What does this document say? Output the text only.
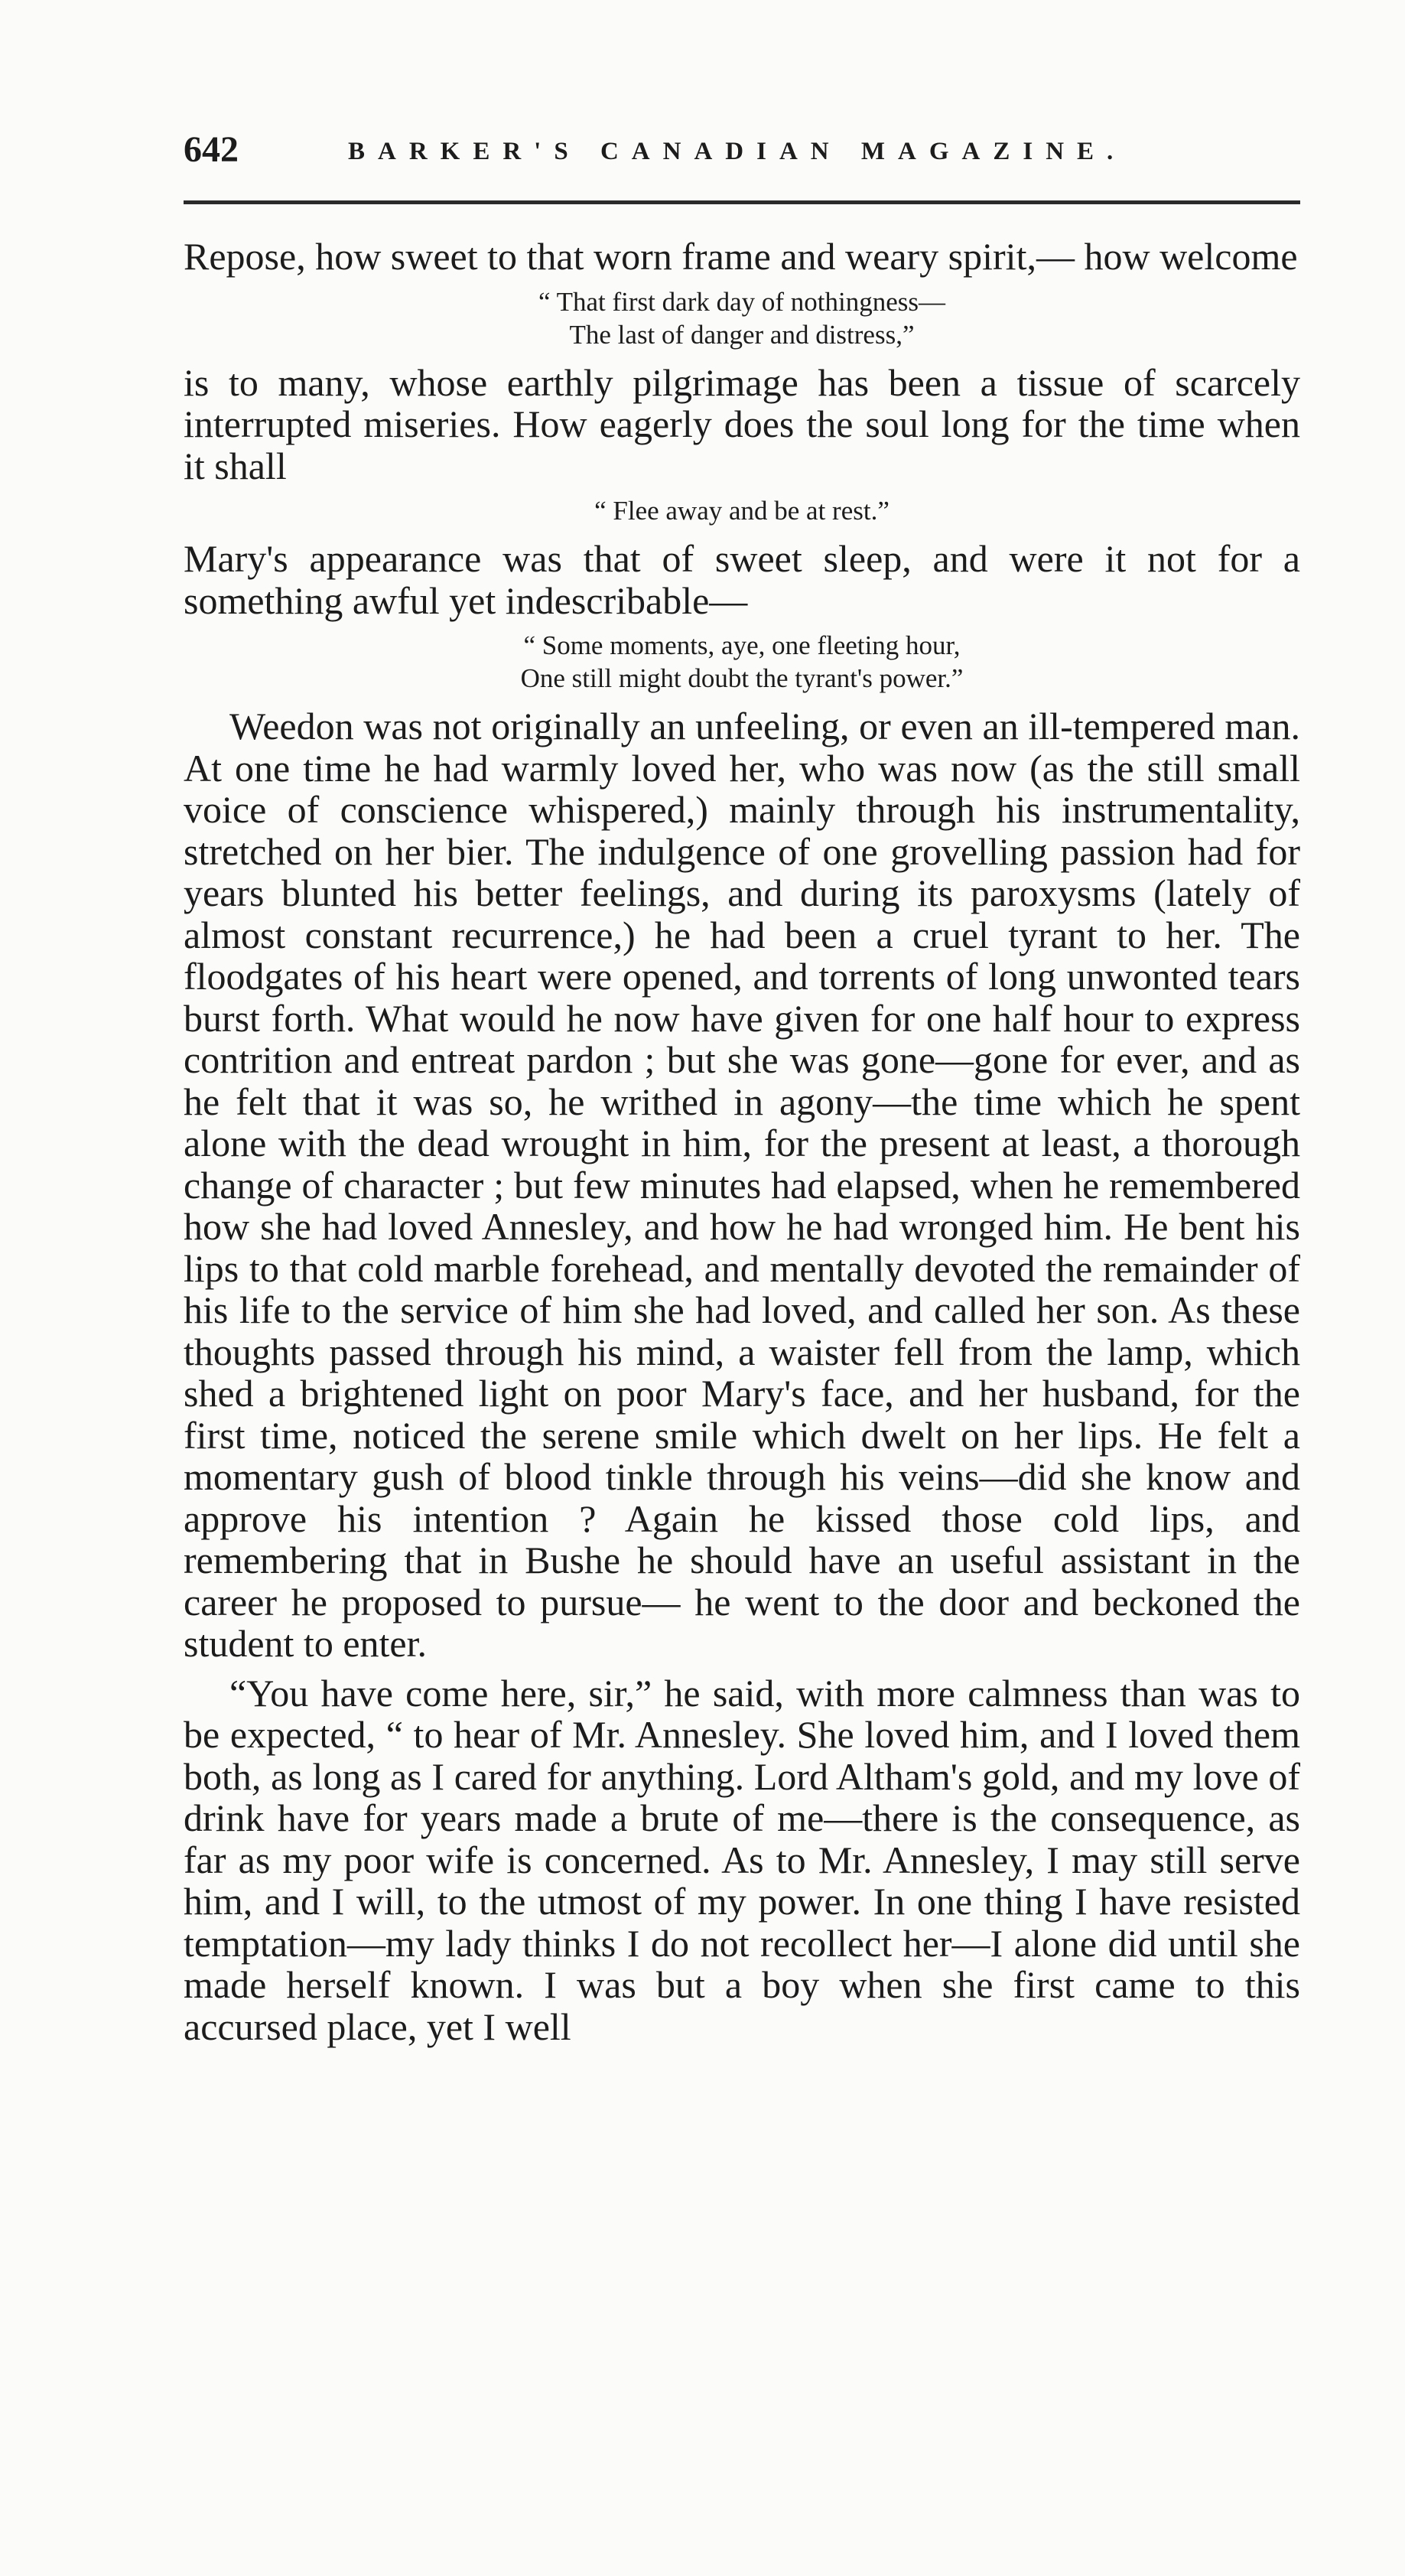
642	BARKER'S CANADIAN MAGAZINE.

Repose, how sweet to that worn frame and weary spirit,— how welcome

“ That first dark day of nothingness—
The last of danger and distress,”

is to many, whose earthly pilgrimage has been a tissue of scarcely interrupted miseries. How eagerly does the soul long for the time when it shall

“ Flee away and be at rest.”

Mary's appearance was that of sweet sleep, and were it not for a something awful yet indescribable—

“ Some moments, aye, one fleeting hour,
One still might doubt the tyrant's power.”

Weedon was not originally an unfeeling, or even an ill-tempered man. At one time he had warmly loved her, who was now (as the still small voice of conscience whispered,) mainly through his instrumentality, stretched on her bier. The indulgence of one grovelling passion had for years blunted his better feelings, and during its paroxysms (lately of almost constant recurrence,) he had been a cruel tyrant to her. The floodgates of his heart were opened, and torrents of long unwonted tears burst forth. What would he now have given for one half hour to express contrition and entreat pardon ; but she was gone—gone for ever, and as he felt that it was so, he writhed in agony—the time which he spent alone with the dead wrought in him, for the present at least, a thorough change of character ; but few minutes had elapsed, when he remembered how she had loved Annesley, and how he had wronged him. He bent his lips to that cold marble forehead, and mentally devoted the remainder of his life to the service of him she had loved, and called her son. As these thoughts passed through his mind, a waister fell from the lamp, which shed a brightened light on poor Mary's face, and her husband, for the first time, noticed the serene smile which dwelt on her lips. He felt a momentary gush of blood tinkle through his veins—did she know and approve his intention ? Again he kissed those cold lips, and remembering that in Bushe he should have an useful assistant in the career he proposed to pursue— he went to the door and beckoned the student to enter.

“You have come here, sir,” he said, with more calmness than was to be expected, “ to hear of Mr. Annesley. She loved him, and I loved them both, as long as I cared for anything. Lord Altham's gold, and my love of drink have for years made a brute of me—there is the consequence, as far as my poor wife is concerned. As to Mr. Annesley, I may still serve him, and I will, to the utmost of my power. In one thing I have resisted temptation—my lady thinks I do not recollect her—I alone did until she made herself known. I was but a boy when she first came to this accursed place, yet I well
